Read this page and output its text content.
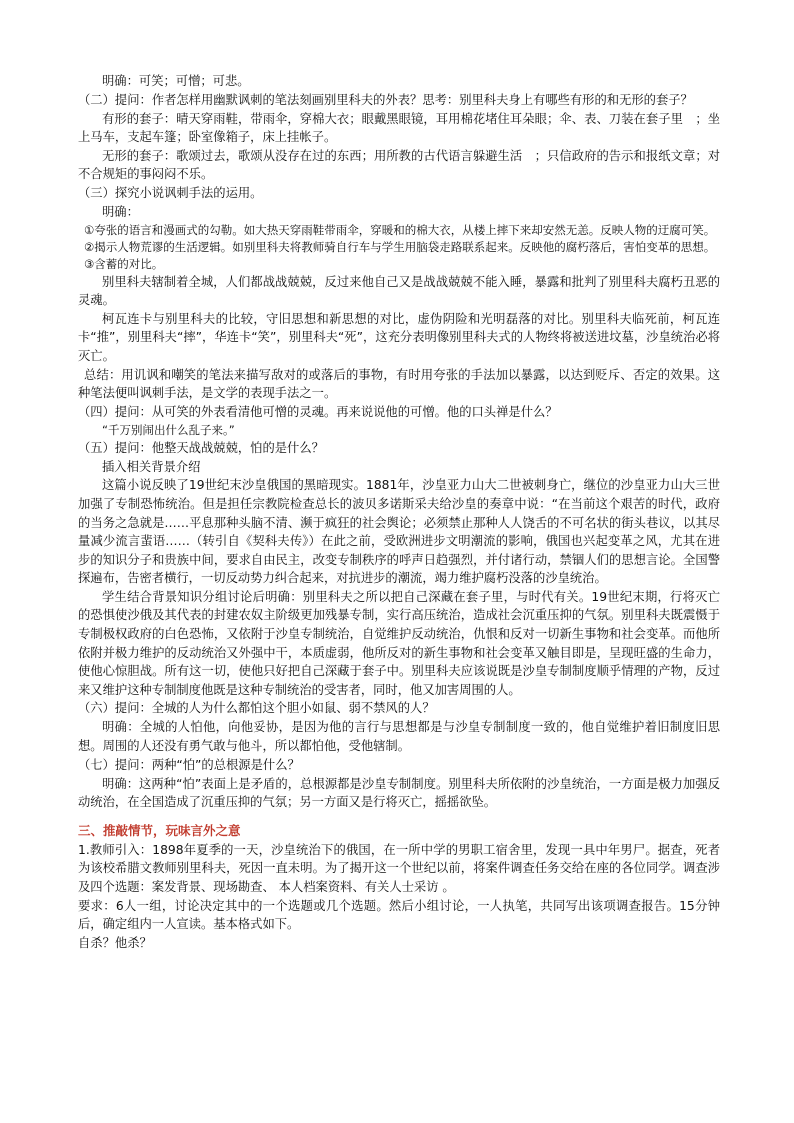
明确：可笑；可憎；可悲。

（二）提问：作者怎样用幽默讽刺的笔法刻画别里科夫的外表？思考：别里科夫身上有哪些有形的和无形的套子？

有形的套子：晴天穿雨鞋，带雨伞，穿棉大衣；眼戴黑眼镜，耳用棉花堵住耳朵眼；伞、表、刀装在套子里　；坐上马车，支起车篷；卧室像箱子，床上挂帐子。

无形的套子：歌颂过去，歌颂从没存在过的东西；用所教的古代语言躲避生活　；只信政府的告示和报纸文章；对不合规矩的事闷闷不乐。

（三）探究小说讽刺手法的运用。

明确：

①夸张的语言和漫画式的勾勒。如大热天穿雨鞋带雨伞，穿暖和的棉大衣，从楼上摔下来却安然无恙。反映人物的迂腐可笑。

②揭示人物荒谬的生活逻辑。如别里科夫将教师骑自行车与学生用脑袋走路联系起来。反映他的腐朽落后，害怕变革的思想。

③含蓄的对比。

别里科夫辖制着全城，人们都战战兢兢，反过来他自己又是战战兢兢不能入睡，暴露和批判了别里科夫腐朽丑恶的灵魂。

柯瓦连卡与别里科夫的比较，守旧思想和新思想的对比，虚伪阴险和光明磊落的对比。别里科夫临死前，柯瓦连卡“推”，别里科夫“摔”，华连卡“笑”，别里科夫“死”，这充分表明像别里科夫式的人物终将被送进坟墓，沙皇统治必将灭亡。

总结：用讥讽和嘲笑的笔法来描写敌对的或落后的事物，有时用夸张的手法加以暴露，以达到贬斥、否定的效果。这种笔法便叫讽刺手法，是文学的表现手法之一。

（四）提问：从可笑的外表看清他可憎的灵魂。再来说说他的可憎。他的口头禅是什么？

“千万别闹出什么乱子来。”

（五）提问：他整天战战兢兢，怕的是什么？

插入相关背景介绍

这篇小说反映了19世纪末沙皇俄国的黑暗现实。1881年，沙皇亚力山大二世被刺身亡，继位的沙皇亚力山大三世加强了专制恐怖统治。但是担任宗教院检查总长的波贝多诺斯采夫给沙皇的奏章中说：“在当前这个艰苦的时代，政府的当务之急就是……平息那种头脑不清、濒于疯狂的社会舆论；必须禁止那种人人饶舌的不可名状的街头巷议，以其尽量减少流言蜚语……（转引自《契科夫传》）在此之前，受欧洲进步文明潮流的影响，俄国也兴起变革之风，尤其在进步的知识分子和贵族中间，要求自由民主，改变专制秩序的呼声日趋强烈，并付诸行动，禁锢人们的思想言论。全国警探遍布，告密者横行，一切反动势力纠合起来，对抗进步的潮流，竭力维护腐朽没落的沙皇统治。

学生结合背景知识分组讨论后明确：别里科夫之所以把自己深藏在套子里，与时代有关。19世纪末期，行将灭亡的恐惧使沙俄及其代表的封建农奴主阶级更加残暴专制，实行高压统治，造成社会沉重压抑的气氛。别里科夫既震慑于专制极权政府的白色恐怖，又依附于沙皇专制统治，自觉维护反动统治，仇恨和反对一切新生事物和社会变革。而他所依附并极力维护的反动统治又外强中干，本质虚弱，他所反对的新生事物和社会变革又触目即是，呈现旺盛的生命力，使他心惊胆战。所有这一切，使他只好把自己深藏于套子中。别里科夫应该说既是沙皇专制制度顺乎情理的产物，反过来又维护这种专制制度他既是这种专制统治的受害者，同时，他又加害周围的人。

（六）提问：全城的人为什么都怕这个胆小如鼠、弱不禁风的人？

明确：全城的人怕他，向他妥协，是因为他的言行与思想都是与沙皇专制制度一致的，他自觉维护着旧制度旧思想。周围的人还没有勇气敢与他斗，所以都怕他，受他辖制。

（七）提问：两种“怕”的总根源是什么？

明确：这两种“怕”表面上是矛盾的，总根源都是沙皇专制制度。别里科夫所依附的沙皇统治，一方面是极力加强反动统治，在全国造成了沉重压抑的气氛；另一方面又是行将灭亡，摇摇欲坠。

三、推敲情节，玩味言外之意

1.教师引入：1898年夏季的一天，沙皇统治下的俄国，在一所中学的男职工宿舍里，发现一具中年男尸。据查，死者为该校希腊文教师别里科夫，死因一直未明。为了揭开这一个世纪以前，将案件调查任务交给在座的各位同学。调查涉及四个选题：案发背景、现场勘查、 本人档案资料、有关人士采访 。

要求：6人一组，讨论决定其中的一个选题或几个选题。然后小组讨论，一人执笔，共同写出该项调查报告。15分钟后，确定组内一人宣读。基本格式如下。

自杀？他杀？
